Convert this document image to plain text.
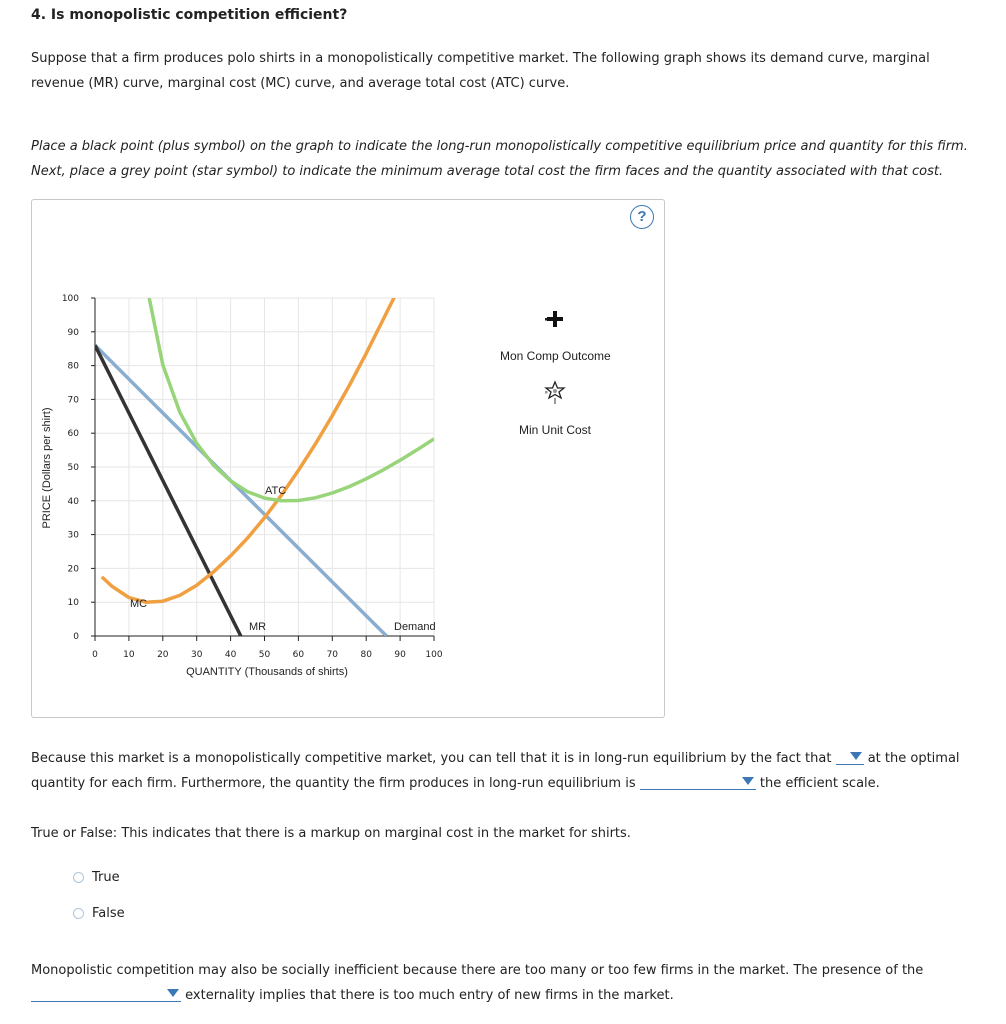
4. Is monopolistic competition efficient?
Suppose that a firm produces polo shirts in a monopolistically competitive market. The following graph shows its demand curve, marginal revenue (MR) curve, marginal cost (MC) curve, and average total cost (ATC) curve.
Place a black point (plus symbol) on the graph to indicate the long-run monopolistically competitive equilibrium price and quantity for this firm. Next, place a grey point (star symbol) to indicate the minimum average total cost the firm faces and the quantity associated with that cost.
?
0
10
20
30
40
50
60
70
80
90
100
0	10 20 30 40 50 60 70 80 90 100
QUANTITY (Thousands of shirts)
PRICE (Dollars per shirt)
MC
ATC
MR	Demand
Mon Comp Outcome
Min Unit Cost
Because this market is a monopolistically competitive market, you can tell that it is in long-run equilibrium by the fact that	at the optimal quantity for each firm. Furthermore, the quantity the firm produces in long-run equilibrium is	the efficient scale.
True or False: This indicates that there is a markup on marginal cost in the market for shirts.
True
False
Monopolistic competition may also be socially inefficient because there are too many or too few firms in the market. The presence of the

externality implies that there is too much entry of new firms in the market.
